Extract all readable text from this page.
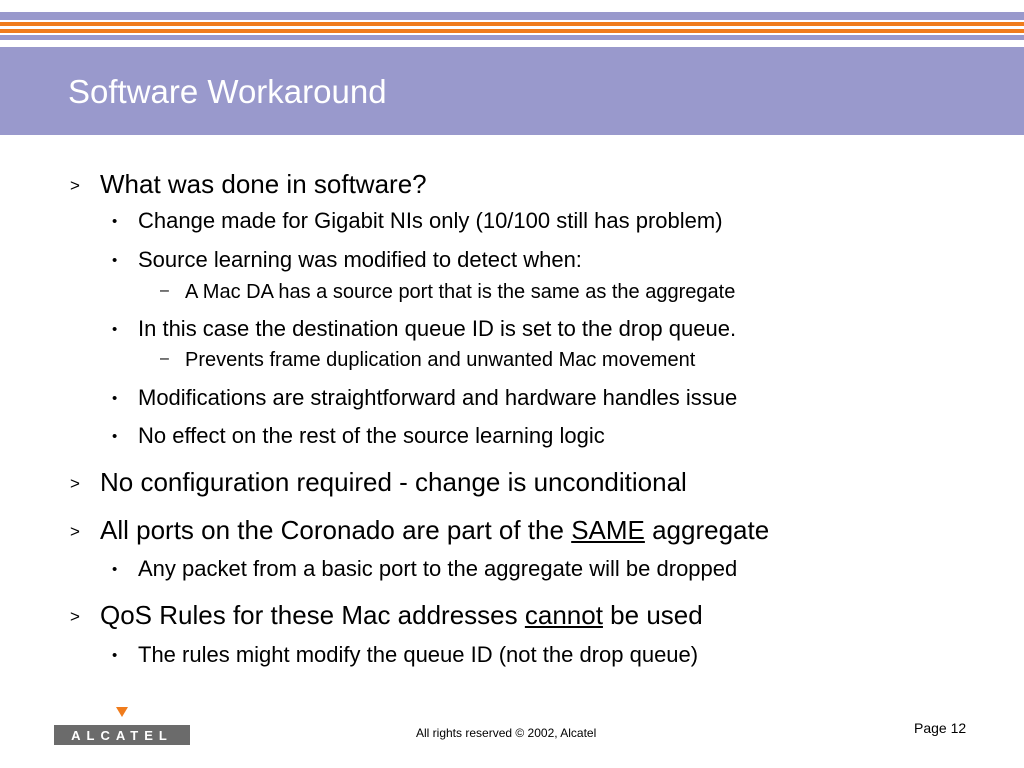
Software Workaround
> What was done in software?
• Change made for Gigabit NIs only (10/100 still has problem)
• Source learning was modified to detect when:
– A Mac DA has a source port that is the same as the aggregate
• In this case the destination queue ID is set to the drop queue.
– Prevents frame duplication and unwanted Mac movement
• Modifications are straightforward and hardware handles issue
• No effect on the rest of the source learning logic
> No configuration required - change is unconditional
> All ports on the Coronado are part of the SAME aggregate
• Any packet from a basic port to the aggregate will be dropped
> QoS Rules for these Mac addresses cannot be used
• The rules might modify the queue ID (not the drop queue)
ALCATEL	All rights reserved © 2002, Alcatel	Page 12
